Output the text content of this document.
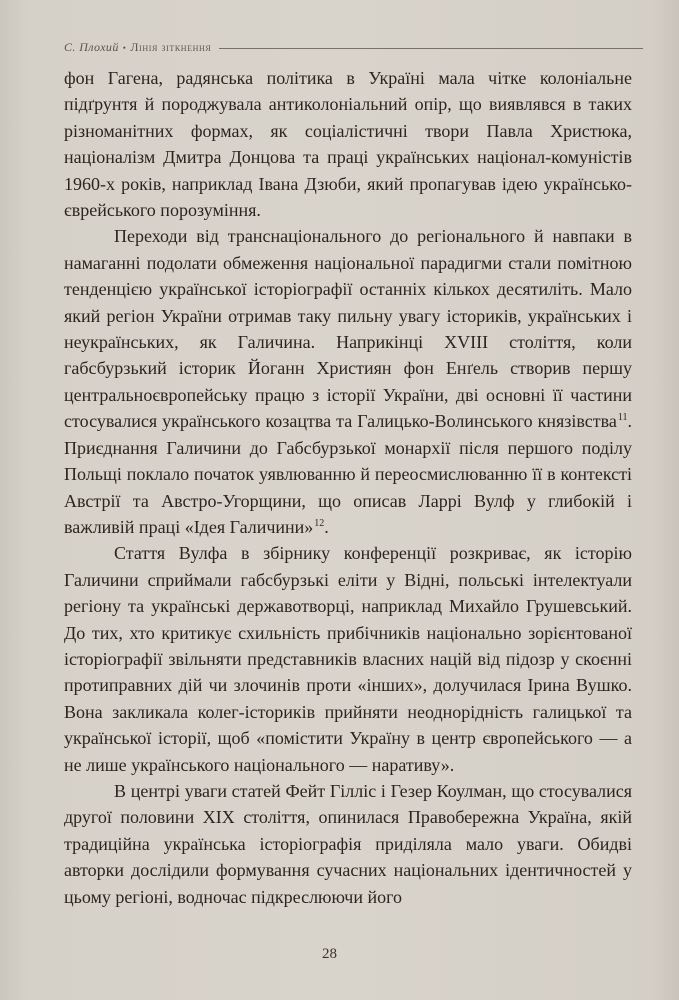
С. Плохий • Лінія зіткнення

фон Гагена, радянська політика в Україні мала чітке колоніальне підґрунтя й породжувала антиколоніальний опір, що виявлявся в таких різноманітних формах, як соціалістичні твори Павла Христюка, націоналізм Дмитра Донцова та праці українських націонал-комуністів 1960-х років, наприклад Івана Дзюби, який пропагував ідею українсько-єврейського порозуміння.

Переходи від транснаціонального до регіонального й навпаки в намаганні подолати обмеження національної парадигми стали помітною тенденцією української історіографії останніх кількох десятиліть. Мало який регіон України отримав таку пильну увагу істориків, українських і неукраїнських, як Галичина. Наприкінці XVIII століття, коли габсбурзький історик Йоганн Християн фон Енґель створив першу центральноєвропейську працю з історії України, дві основні її частини стосувалися українського козацтва та Галицько-Волинського князівства$^{11}$. Приєднання Галичини до Габсбурзької монархії після першого поділу Польщі поклало початок уявлюванню й переосмислюванню її в контексті Австрії та Австро-Угорщини, що описав Ларрі Вулф у глибокій і важливій праці «Ідея Галичини»$^{12}$.

Стаття Вулфа в збірнику конференції розкриває, як історію Галичини сприймали габсбурзькі еліти у Відні, польські інтелектуали регіону та українські державотворці, наприклад Михайло Грушевський. До тих, хто критикує схильність прибічників національно зорієнтованої історіографії звільняти представників власних націй від підозр у скоєнні протиправних дій чи злочинів проти «інших», долучилася Ірина Вушко. Вона закликала колег-істориків прийняти неоднорідність галицької та української історії, щоб «помістити Україну в центр європейського — а не лише українського національного — наративу».

В центрі уваги статей Фейт Гілліс і Гезер Коулман, що стосувалися другої половини XIX століття, опинилася Правобережна Україна, якій традиційна українська історіографія приділяла мало уваги. Обидві авторки дослідили формування сучасних національних ідентичностей у цьому регіоні, водночас підкреслюючи його

28
